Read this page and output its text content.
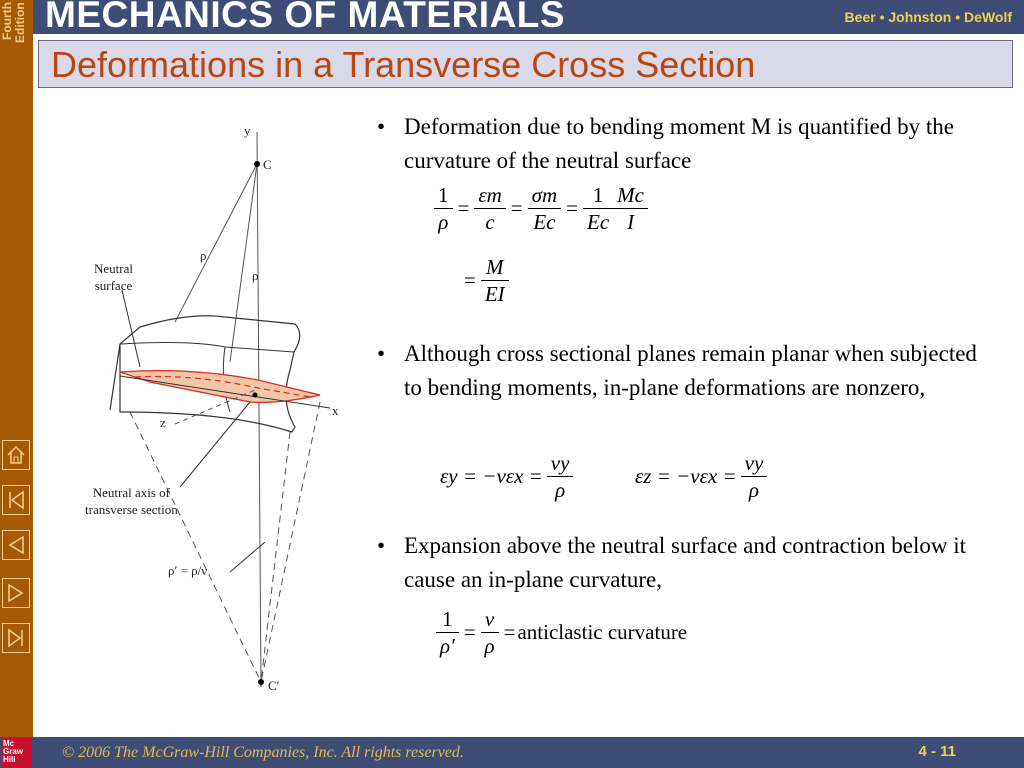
Fourth Edition MECHANICS OF MATERIALS	Beer • Johnston • DeWolf
Deformations in a Transverse Cross Section
y
C
ρ
ρ
Neutral
surface
x
z
Neutral axis of
transverse section
ρ′ = ρ/ν
C′
• Deformation due to bending moment M is quantified by the curvature of the neutral surface
• Although cross sectional planes remain planar when subjected to bending moments, in-plane deformations are nonzero,
• Expansion above the neutral surface and contraction below it cause an in-plane curvature,
$\frac{1}{\rho} = \frac{\varepsilon m}{c} = \frac{\sigma m}{Ec} = \frac{1}{Ec} \frac{Mc}{I}$
= $\frac{M}{EI}$
$\varepsilon y = -\nu\varepsilon x = \frac{\nu y}{\rho}$	$\varepsilon z = -\nu\varepsilon x = \frac{\nu y}{\rho}$
$\frac{1}{\rho'} = \frac{\nu}{\rho}$ =anticlastic curvature
Mc Graw Hill	© 2006 The McGraw-Hill Companies, Inc. All rights reserved.	4 - 11
